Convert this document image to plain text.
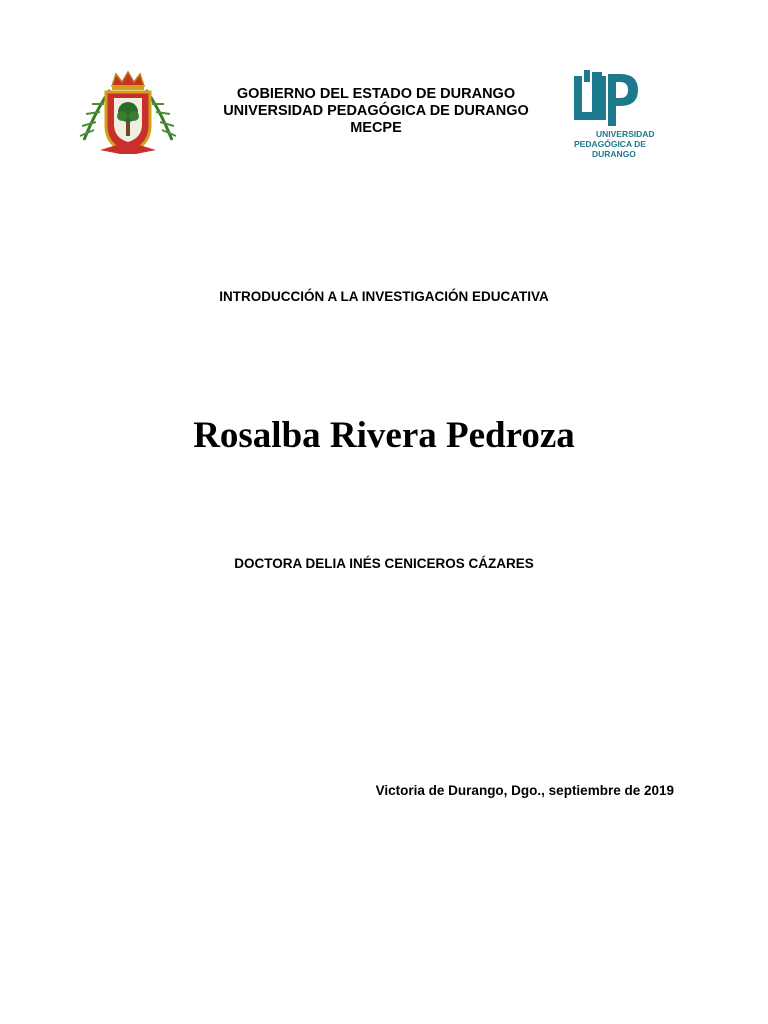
GOBIERNO DEL ESTADO DE DURANGO
UNIVERSIDAD PEDAGÓGICA DE DURANGO
MECPE	UNIVERSIDAD
PEDAGÓGICA DE
DURANGO
INTRODUCCIÓN A LA INVESTIGACIÓN EDUCATIVA
Rosalba Rivera Pedroza
DOCTORA DELIA INÉS CENICEROS CÁZARES
Victoria de Durango, Dgo., septiembre de 2019
